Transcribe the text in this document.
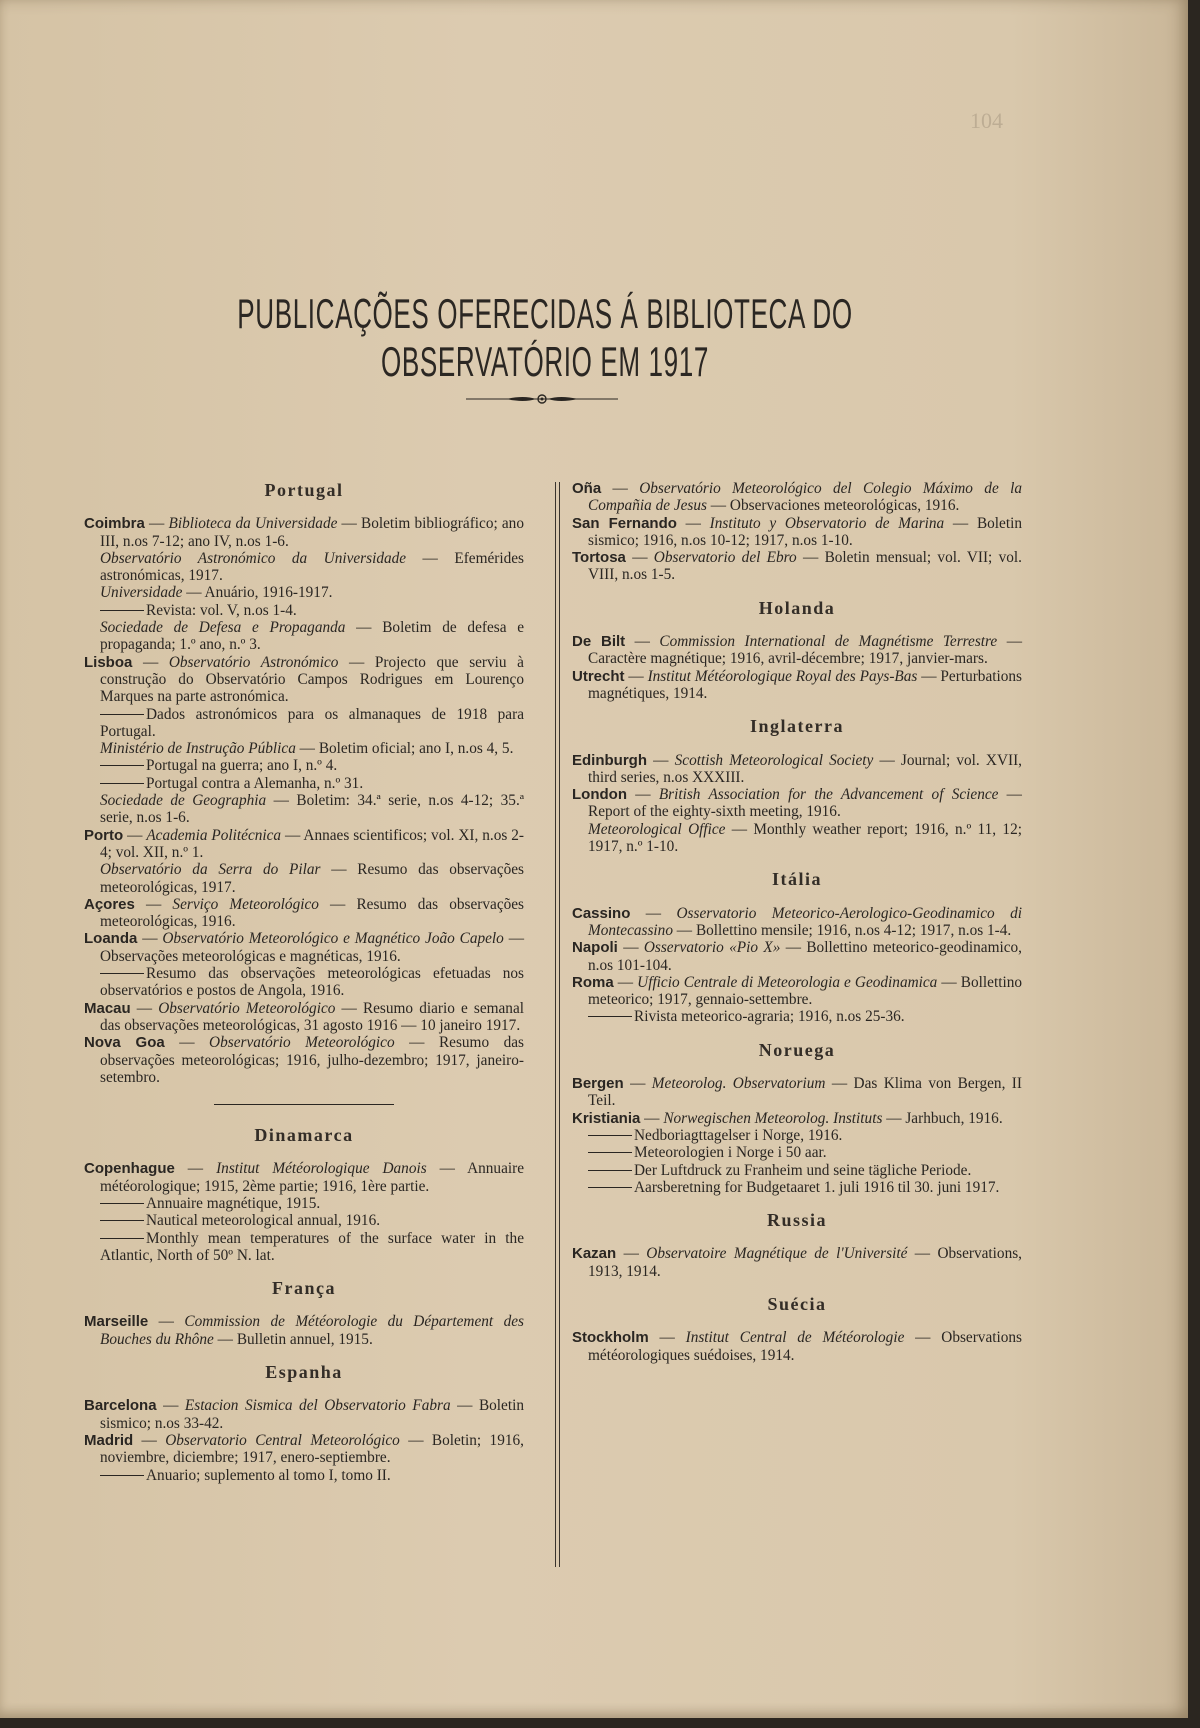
104
PUBLICAÇÕES OFERECIDAS Á BIBLIOTECA DO OBSERVATÓRIO EM 1917
Portugal

Coimbra — Biblioteca da Universidade — Boletim bibliográfico; ano III, n.os 7-12; ano IV, n.os 1-6.

Observatório Astronómico da Universidade — Efemérides astronómicas, 1917.

Universidade — Anuário, 1916-1917.

Revista: vol. V, n.os 1-4.

Sociedade de Defesa e Propaganda — Boletim de defesa e propaganda; 1.º ano, n.º 3.

Lisboa — Observatório Astronómico — Projecto que serviu à construção do Observatório Campos Rodrigues em Lourenço Marques na parte astronómica.

Dados astronómicos para os almanaques de 1918 para Portugal.

Ministério de Instrução Pública — Boletim oficial; ano I, n.os 4, 5.

Portugal na guerra; ano I, n.º 4.

Portugal contra a Alemanha, n.º 31.

Sociedade de Geographia — Boletim: 34.ª serie, n.os 4-12; 35.ª serie, n.os 1-6.

Porto — Academia Politécnica — Annaes scientificos; vol. XI, n.os 2-4; vol. XII, n.º 1.

Observatório da Serra do Pilar — Resumo das observações meteorológicas, 1917.

Açores — Serviço Meteorológico — Resumo das observações meteorológicas, 1916.

Loanda — Observatório Meteorológico e Magnético João Capelo — Observações meteorológicas e magnéticas, 1916.

Resumo das observações meteorológicas efetuadas nos observatórios e postos de Angola, 1916.

Macau — Observatório Meteorológico — Resumo diario e semanal das observações meteorológicas, 31 agosto 1916 — 10 janeiro 1917.

Nova Goa — Observatório Meteorológico — Resumo das observações meteorológicas; 1916, julho-dezembro; 1917, janeiro-setembro.

Dinamarca

Copenhague — Institut Météorologique Danois — Annuaire météorologique; 1915, 2ème partie; 1916, 1ère partie.

Annuaire magnétique, 1915.

Nautical meteorological annual, 1916.

Monthly mean temperatures of the surface water in the Atlantic, North of 50º N. lat.

França

Marseille — Commission de Météorologie du Département des Bouches du Rhône — Bulletin annuel, 1915.

Espanha

Barcelona — Estacion Sismica del Observatorio Fabra — Boletin sismico; n.os 33-42.

Madrid — Observatorio Central Meteorológico — Boletin; 1916, noviembre, diciembre; 1917, enero-septiembre.

Anuario; suplemento al tomo I, tomo II.

Oña — Observatório Meteorológico del Colegio Máximo de la Compañia de Jesus — Observaciones meteorológicas, 1916.

San Fernando — Instituto y Observatorio de Marina — Boletin sismico; 1916, n.os 10-12; 1917, n.os 1-10.

Tortosa — Observatorio del Ebro — Boletin mensual; vol. VII; vol. VIII, n.os 1-5.

Holanda

De Bilt — Commission International de Magnétisme Terrestre — Caractère magnétique; 1916, avril-décembre; 1917, janvier-mars.

Utrecht — Institut Météorologique Royal des Pays-Bas — Perturbations magnétiques, 1914.

Inglaterra

Edinburgh — Scottish Meteorological Society — Journal; vol. XVII, third series, n.os XXXIII.

London — British Association for the Advancement of Science — Report of the eighty-sixth meeting, 1916.

Meteorological Office — Monthly weather report; 1916, n.º 11, 12; 1917, n.º 1-10.

Itália

Cassino — Osservatorio Meteorico-Aerologico-Geodinamico di Montecassino — Bollettino mensile; 1916, n.os 4-12; 1917, n.os 1-4.

Napoli — Osservatorio «Pio X» — Bollettino meteorico-geodinamico, n.os 101-104.

Roma — Ufficio Centrale di Meteorologia e Geodinamica — Bollettino meteorico; 1917, gennaio-settembre.

Rivista meteorico-agraria; 1916, n.os 25-36.

Noruega

Bergen — Meteorolog. Observatorium — Das Klima von Bergen, II Teil.

Kristiania — Norwegischen Meteorolog. Instituts — Jarhbuch, 1916.

Nedboriagttagelser i Norge, 1916.

Meteorologien i Norge i 50 aar.

Der Luftdruck zu Franheim und seine tägliche Periode.

Aarsberetning for Budgetaaret 1. juli 1916 til 30. juni 1917.

Russia

Kazan — Observatoire Magnétique de l'Université — Observations, 1913, 1914.

Suécia

Stockholm — Institut Central de Météorologie — Observations météorologiques suédoises, 1914.
